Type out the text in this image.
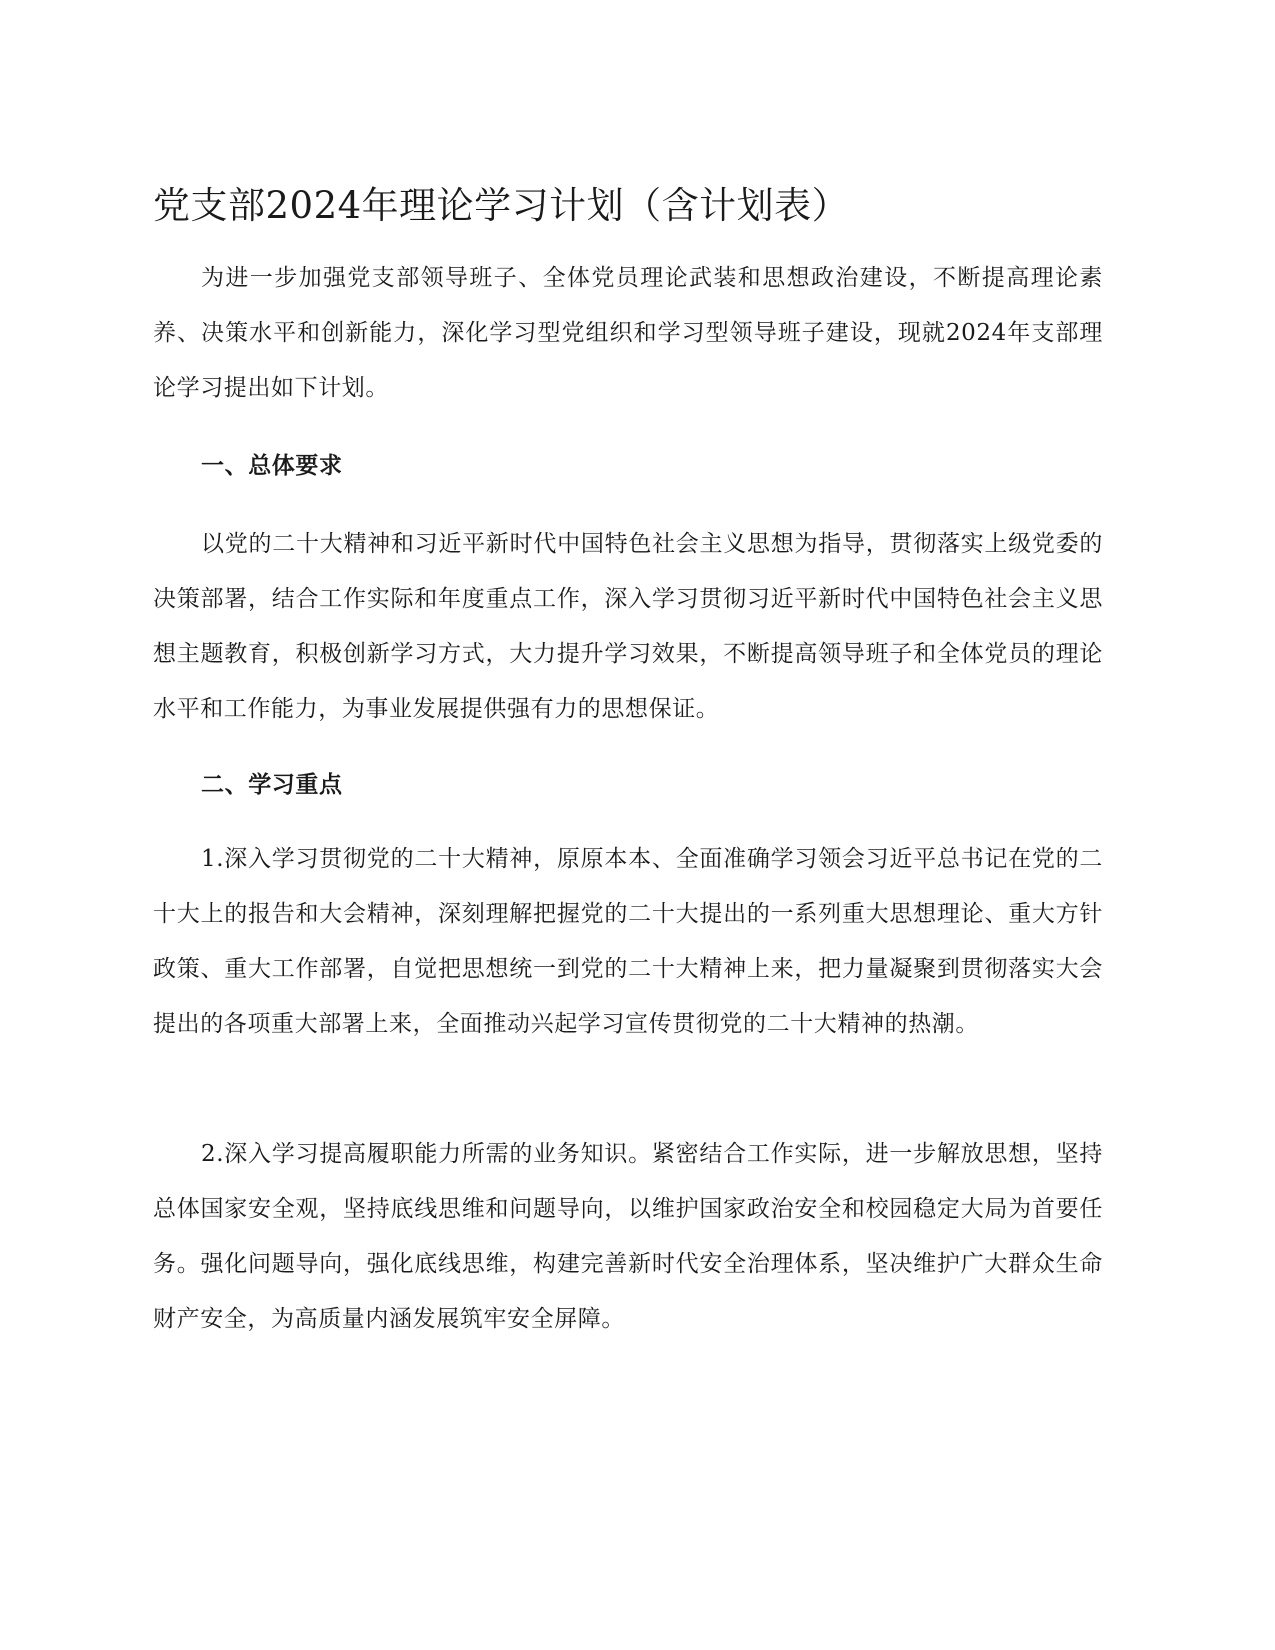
党支部2024年理论学习计划（含计划表）

为进一步加强党支部领导班子、全体党员理论武装和思想政治建设，不断提高理论素养、决策水平和创新能力，深化学习型党组织和学习型领导班子建设，现就2024年支部理论学习提出如下计划。

一、总体要求

以党的二十大精神和习近平新时代中国特色社会主义思想为指导，贯彻落实上级党委的决策部署，结合工作实际和年度重点工作，深入学习贯彻习近平新时代中国特色社会主义思想主题教育，积极创新学习方式，大力提升学习效果，不断提高领导班子和全体党员的理论水平和工作能力，为事业发展提供强有力的思想保证。

二、学习重点

1.深入学习贯彻党的二十大精神，原原本本、全面准确学习领会习近平总书记在党的二十大上的报告和大会精神，深刻理解把握党的二十大提出的一系列重大思想理论、重大方针政策、重大工作部署，自觉把思想统一到党的二十大精神上来，把力量凝聚到贯彻落实大会提出的各项重大部署上来，全面推动兴起学习宣传贯彻党的二十大精神的热潮。

2.深入学习提高履职能力所需的业务知识。紧密结合工作实际，进一步解放思想，坚持总体国家安全观，坚持底线思维和问题导向，以维护国家政治安全和校园稳定大局为首要任务。强化问题导向，强化底线思维，构建完善新时代安全治理体系，坚决维护广大群众生命财产安全，为高质量内涵发展筑牢安全屏障。
